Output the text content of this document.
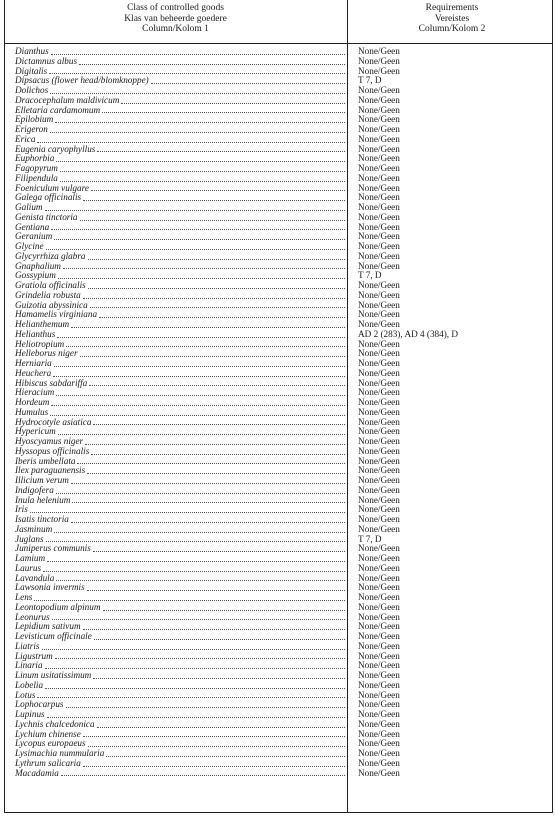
Class of controlled goods
Klas van beheerde goedere
Column/Kolom 1
Requirements
Vereistes
Column/Kolom 2
Dianthus	None/Geen
Dictamnus albus	None/Geen
Digitalis	None/Geen
Dipsacus (flower head/blomknoppe)	T 7, D
Dolichos	None/Geen
Dracocephalum maldivicum	None/Geen
Elletaria cardamomum	None/Geen
Epilobium	None/Geen
Erigeron	None/Geen
Erica	None/Geen
Eugenia caryophyllus	None/Geen
Euphorbia	None/Geen
Fagopyrum	None/Geen
Filipendula	None/Geen
Foeniculum vulgare	None/Geen
Galega officinalis	None/Geen
Galium	None/Geen
Genista tinctoria	None/Geen
Gentiana	None/Geen
Geranium	None/Geen
Glycine	None/Geen
Glycyrrhiza glabra	None/Geen
Gnaphalium	None/Geen
Gossypium	T 7, D
Gratiola officinalis	None/Geen
Grindelia robusta	None/Geen
Guizotia abyssinica	None/Geen
Hamamelis virginiana	None/Geen
Helianthemum	None/Geen
Helianthus	AD 2 (283), AD 4 (384), D
Heliotropium	None/Geen
Helleborus niger	None/Geen
Herniaria	None/Geen
Heuchera	None/Geen
Hibiscus sabdariffa	None/Geen
Hieracium	None/Geen
Hordeum	None/Geen
Humulus	None/Geen
Hydrocotyle asiatica	None/Geen
Hypericum	None/Geen
Hyoscyamus niger	None/Geen
Hyssopus officinalis	None/Geen
Iberis umbellata	None/Geen
Ilex paraguanensis	None/Geen
Illicium verum	None/Geen
Indigofera	None/Geen
Inula helenium	None/Geen
Iris	None/Geen
Isatis tinctoria	None/Geen
Jasminum	None/Geen
Juglans	T 7, D
Juniperus communis	None/Geen
Lamium	None/Geen
Laurus	None/Geen
Lavandula	None/Geen
Lawsonia invermis	None/Geen
Lens	None/Geen
Leontopodium alpinum	None/Geen
Leonurus	None/Geen
Lepidium sativum	None/Geen
Levisticum officinale	None/Geen
Liatris	None/Geen
Ligustrum	None/Geen
Linaria	None/Geen
Linum usitatissimum	None/Geen
Lobelia	None/Geen
Lotus	None/Geen
Lophocarpus	None/Geen
Lupinus	None/Geen
Lychnis chalcedonica	None/Geen
Lychium chinense	None/Geen
Lycopus europaeus	None/Geen
Lysimachia nummularia	None/Geen
Lythrum salicaria	None/Geen
Macadamia	None/Geen
